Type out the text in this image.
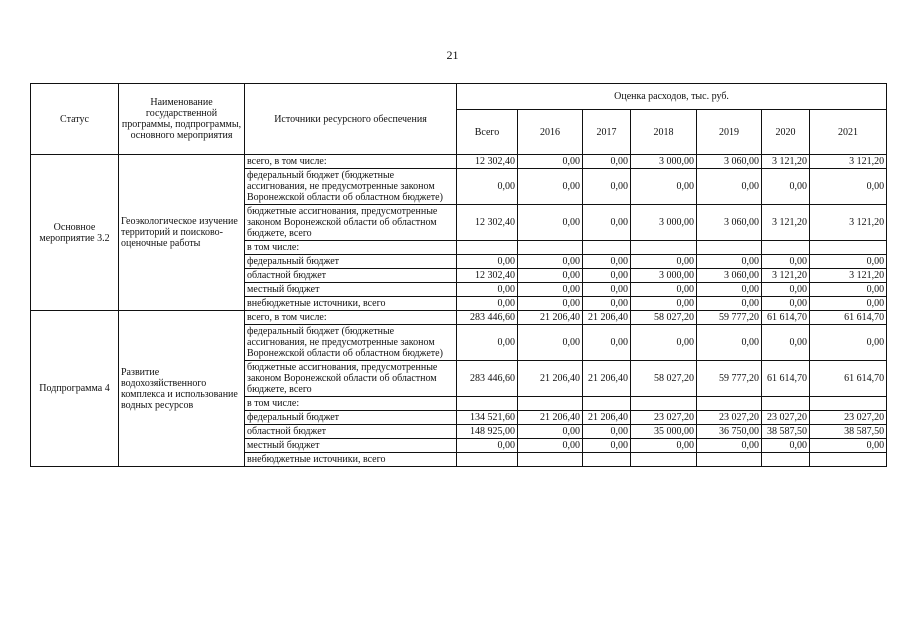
21
Статус	Наименование государственной программы, подпрограммы, основного мероприятия	Источники ресурсного обеспечения	Оценка расходов, тыс. руб.						
			Всего	2016	2017	2018	2019	2020	2021
Основное мероприятие 3.2	Геоэкологическое изучение территорий и поисково-оценочные работы	всего, в том числе:	12 302,40	0,00	0,00	3 000,00	3 060,00	3 121,20	3 121,20
		федеральный бюджет (бюджетные ассигнования, не предусмотренные законом Воронежской области об областном бюджете)	0,00	0,00	0,00	0,00	0,00	0,00	0,00
		бюджетные ассигнования, предусмотренные законом Воронежской области об областном бюджете, всего	12 302,40	0,00	0,00	3 000,00	3 060,00	3 121,20	3 121,20
		в том числе:							
		федеральный бюджет	0,00	0,00	0,00	0,00	0,00	0,00	0,00
		областной бюджет	12 302,40	0,00	0,00	3 000,00	3 060,00	3 121,20	3 121,20
		местный бюджет	0,00	0,00	0,00	0,00	0,00	0,00	0,00
		внебюджетные источники, всего	0,00	0,00	0,00	0,00	0,00	0,00	0,00
Подпрограмма 4	Развитие водохозяйственного комплекса и использование водных ресурсов	всего, в том числе:	283 446,60	21 206,40	21 206,40	58 027,20	59 777,20	61 614,70	61 614,70
		федеральный бюджет (бюджетные ассигнования, не предусмотренные законом Воронежской области об областном бюджете)	0,00	0,00	0,00	0,00	0,00	0,00	0,00
		бюджетные ассигнования, предусмотренные законом Воронежской области об областном бюджете, всего	283 446,60	21 206,40	21 206,40	58 027,20	59 777,20	61 614,70	61 614,70
		в том числе:							
		федеральный бюджет	134 521,60	21 206,40	21 206,40	23 027,20	23 027,20	23 027,20	23 027,20
		областной бюджет	148 925,00	0,00	0,00	35 000,00	36 750,00	38 587,50	38 587,50
		местный бюджет	0,00	0,00	0,00	0,00	0,00	0,00	0,00
		внебюджетные источники, всего							
